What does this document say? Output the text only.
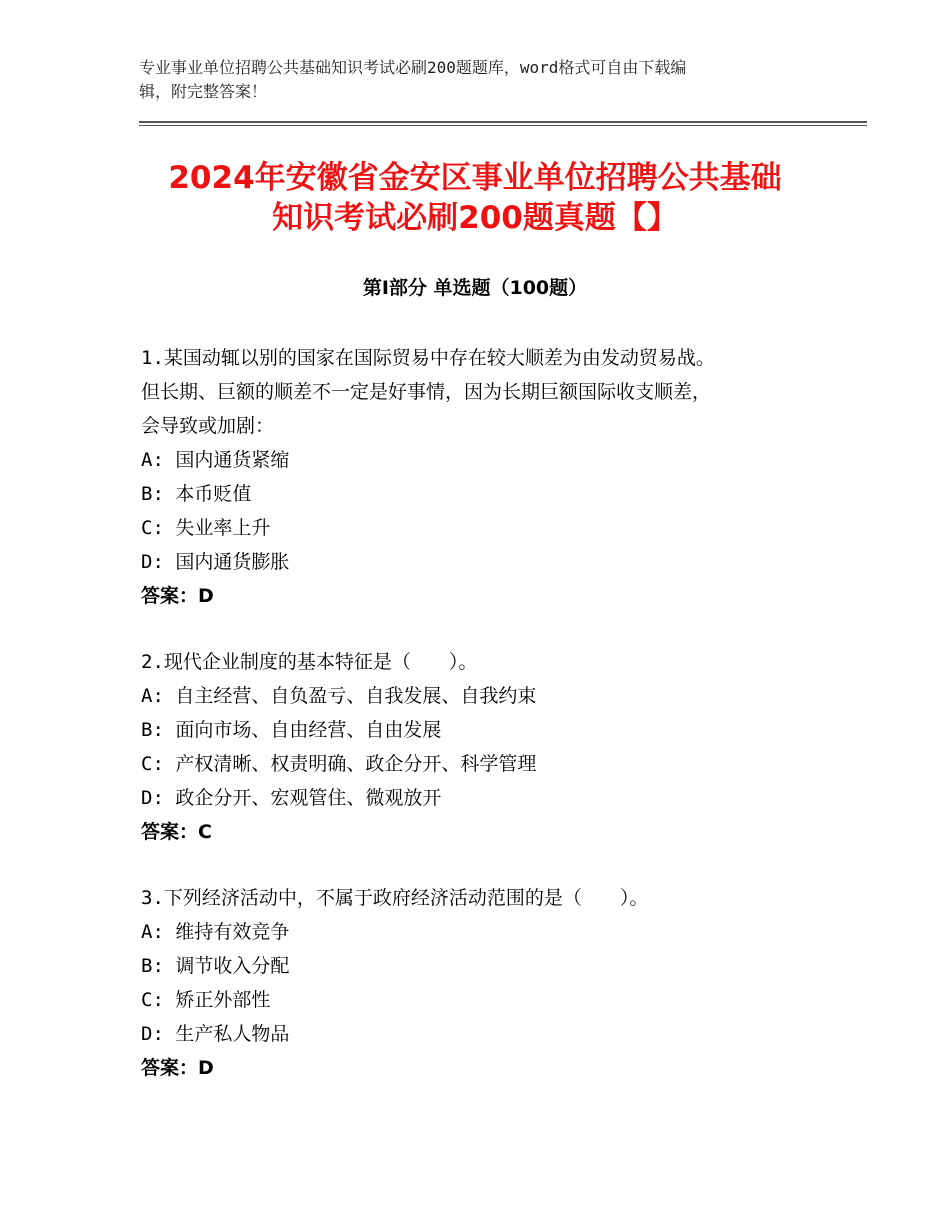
专业事业单位招聘公共基础知识考试必刷200题题库，word格式可自由下载编
辑，附完整答案！
2024年安徽省金安区事业单位招聘公共基础
知识考试必刷200题真题【】
第Ⅰ部分 单选题（100题）
1.某国动辄以别的国家在国际贸易中存在较大顺差为由发动贸易战。
但长期、巨额的顺差不一定是好事情，因为长期巨额国际收支顺差，
会导致或加剧：
A: 国内通货紧缩
B: 本币贬值
C: 失业率上升
D: 国内通货膨胀
答案：D
2.现代企业制度的基本特征是（　　）。
A: 自主经营、自负盈亏、自我发展、自我约束
B: 面向市场、自由经营、自由发展
C: 产权清晰、权责明确、政企分开、科学管理
D: 政企分开、宏观管住、微观放开
答案：C
3.下列经济活动中，不属于政府经济活动范围的是（　　）。
A: 维持有效竞争
B: 调节收入分配
C: 矫正外部性
D: 生产私人物品
答案：D
